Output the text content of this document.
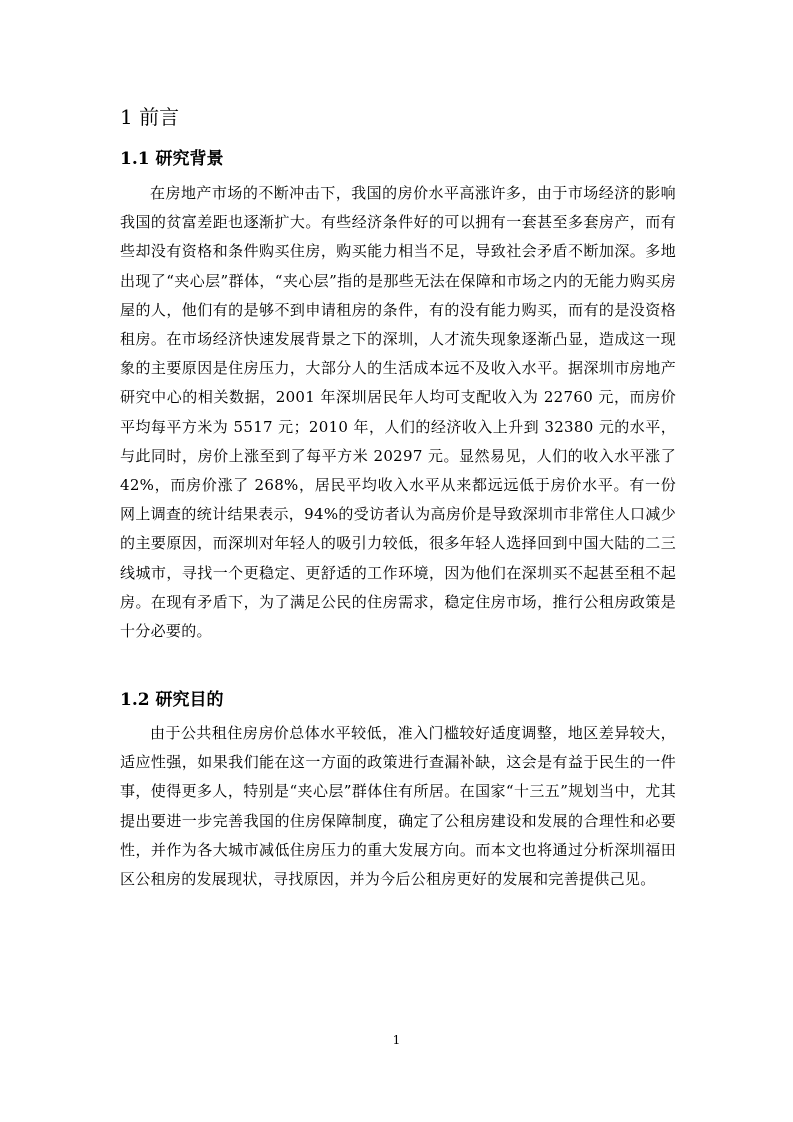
1 前言
1.1 研究背景

在房地产市场的不断冲击下，我国的房价水平高涨许多，由于市场经济的影响我国的贫富差距也逐渐扩大。有些经济条件好的可以拥有一套甚至多套房产，而有些却没有资格和条件购买住房，购买能力相当不足，导致社会矛盾不断加深。多地出现了“夹心层”群体，“夹心层”指的是那些无法在保障和市场之内的无能力购买房屋的人，他们有的是够不到申请租房的条件，有的没有能力购买，而有的是没资格租房。在市场经济快速发展背景之下的深圳，人才流失现象逐渐凸显，造成这一现象的主要原因是住房压力，大部分人的生活成本远不及收入水平。据深圳市房地产研究中心的相关数据，2001 年深圳居民年人均可支配收入为 22760 元，而房价平均每平方米为 5517 元；2010 年，人们的经济收入上升到 32380 元的水平，与此同时，房价上涨至到了每平方米 20297 元。显然易见，人们的收入水平涨了 42%，而房价涨了 268%，居民平均收入水平从来都远远低于房价水平。有一份网上调查的统计结果表示，94%的受访者认为高房价是导致深圳市非常住人口减少的主要原因，而深圳对年轻人的吸引力较低，很多年轻人选择回到中国大陆的二三线城市，寻找一个更稳定、更舒适的工作环境，因为他们在深圳买不起甚至租不起房。在现有矛盾下，为了满足公民的住房需求，稳定住房市场，推行公租房政策是十分必要的。

1.2 研究目的

由于公共租住房房价总体水平较低，准入门槛较好适度调整，地区差异较大，适应性强，如果我们能在这一方面的政策进行查漏补缺，这会是有益于民生的一件事，使得更多人，特别是“夹心层”群体住有所居。在国家“十三五”规划当中，尤其提出要进一步完善我国的住房保障制度，确定了公租房建设和发展的合理性和必要性，并作为各大城市减低住房压力的重大发展方向。而本文也将通过分析深圳福田区公租房的发展现状，寻找原因，并为今后公租房更好的发展和完善提供己见。

1
